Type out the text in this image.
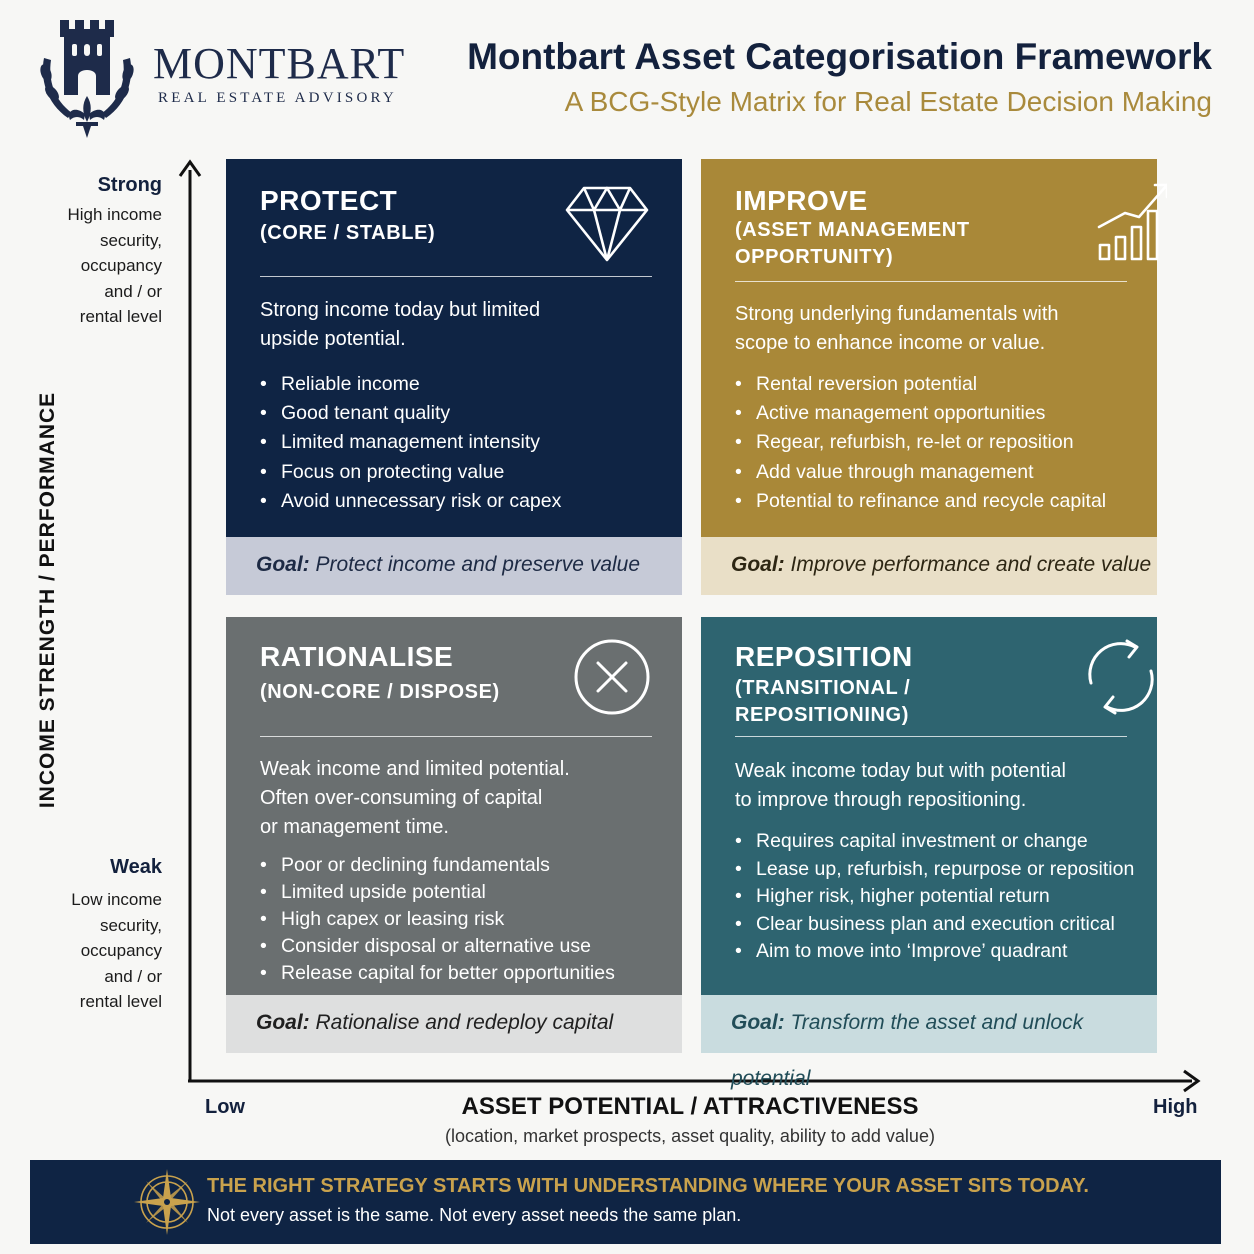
MONTBART
REAL ESTATE ADVISORY
Montbart Asset Categorisation Framework
A BCG-Style Matrix for Real Estate Decision Making
Strong
High income
security,
occupancy
and / or
rental level
Weak
Low income
security,
occupancy
and / or
rental level
INCOME STRENGTH / PERFORMANCE
Low	High
ASSET POTENTIAL / ATTRACTIVENESS
(location, market prospects, asset quality, ability to add value)
PROTECT
(CORE / STABLE)
Strong income today but limited
upside potential.
• Reliable income
• Good tenant quality
• Limited management intensity
• Focus on protecting value
• Avoid unnecessary risk or capex
Goal: Protect income and preserve value
IMPROVE
(ASSET MANAGEMENT
OPPORTUNITY)
Strong underlying fundamentals with
scope to enhance income or value.
• Rental reversion potential
• Active management opportunities
• Regear, refurbish, re-let or reposition
• Add value through management
• Potential to refinance and recycle capital
Goal: Improve performance and create value
RATIONALISE
(NON-CORE / DISPOSE)
Weak income and limited potential.
Often over-consuming of capital
or management time.
• Poor or declining fundamentals
• Limited upside potential
• High capex or leasing risk
• Consider disposal or alternative use
• Release capital for better opportunities
Goal: Rationalise and redeploy capital
REPOSITION
(TRANSITIONAL /
REPOSITIONING)
Weak income today but with potential
to improve through repositioning.
• Requires capital investment or change
• Lease up, refurbish, repurpose or reposition
• Higher risk, higher potential return
• Clear business plan and execution critical
• Aim to move into ‘Improve’ quadrant
Goal: Transform the asset and unlock potential
THE RIGHT STRATEGY STARTS WITH UNDERSTANDING WHERE YOUR ASSET SITS TODAY.
Not every asset is the same. Not every asset needs the same plan.
